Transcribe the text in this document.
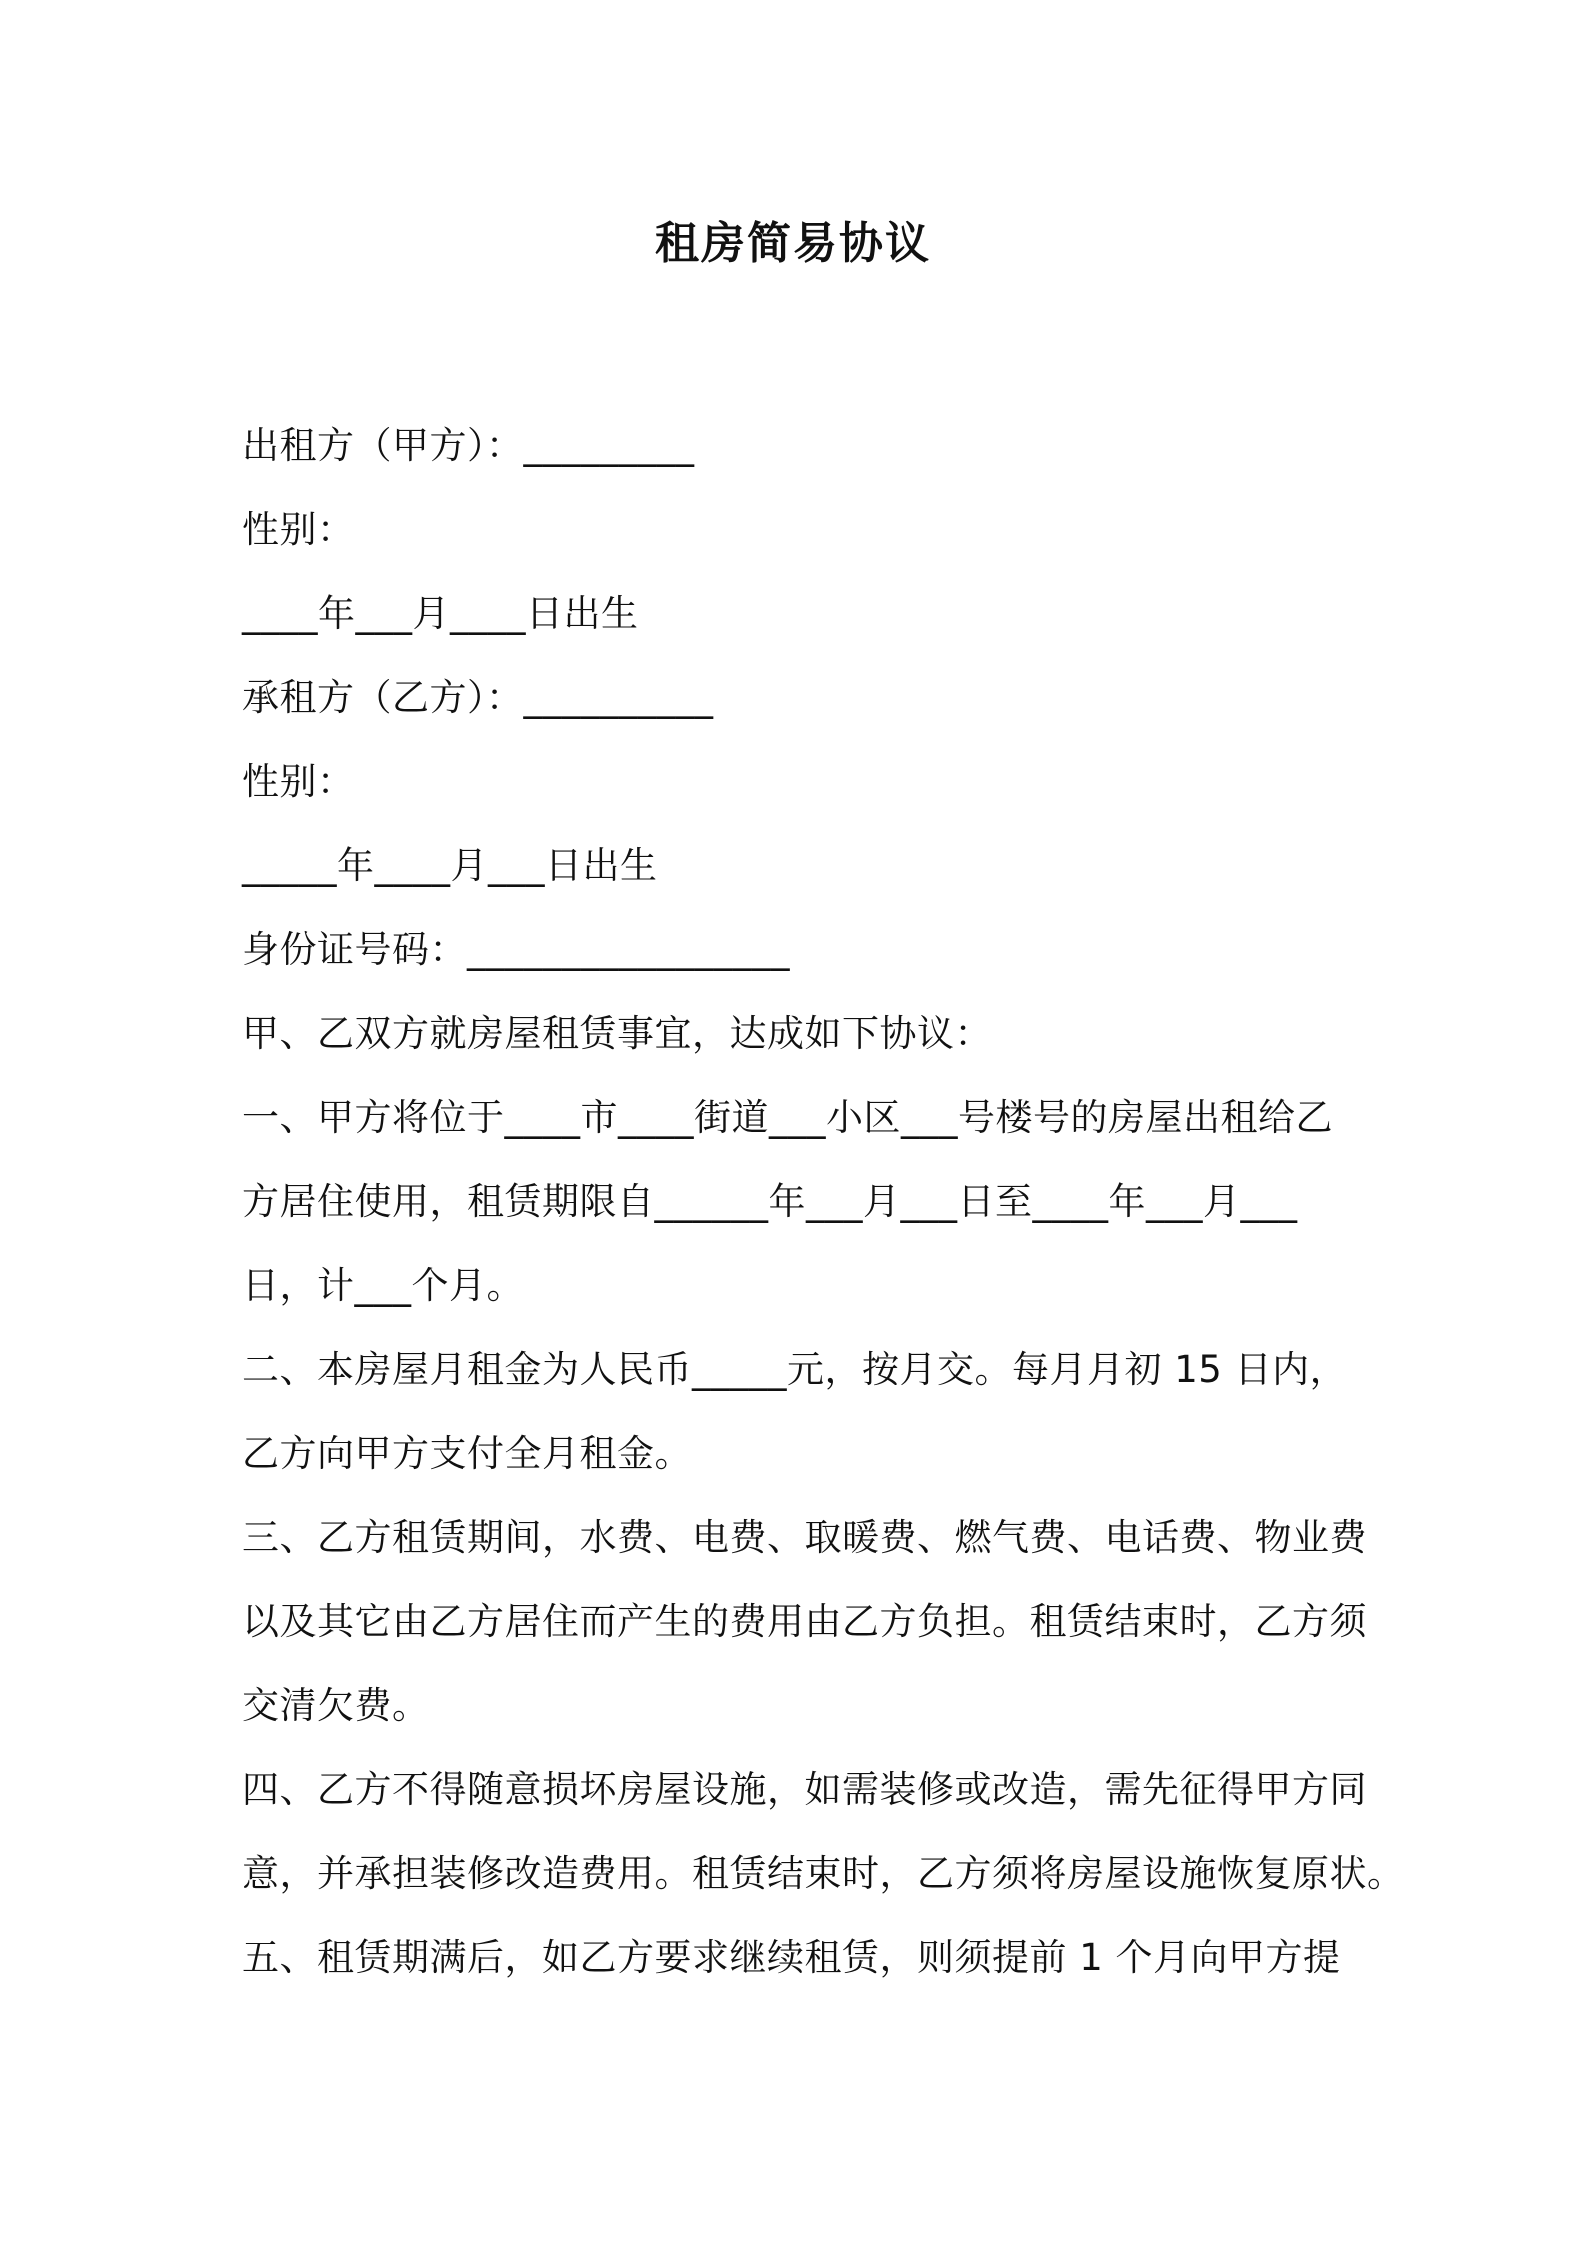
租房简易协议

出租方（甲方）：_________

性别：

____年___月____日出生

承租方（乙方）：__________

性别：

_____年____月___日出生

身份证号码：_________________

甲、乙双方就房屋租赁事宜，达成如下协议：

一、甲方将位于____市____街道___小区___号楼号的房屋出租给乙

方居住使用，租赁期限自______年___月___日至____年___月___

日，计___个月。

二、本房屋月租金为人民币_____元，按月交。每月月初 15 日内，

乙方向甲方支付全月租金。

三、乙方租赁期间，水费、电费、取暖费、燃气费、电话费、物业费

以及其它由乙方居住而产生的费用由乙方负担。租赁结束时，乙方须

交清欠费。

四、乙方不得随意损坏房屋设施，如需装修或改造，需先征得甲方同

意，并承担装修改造费用。租赁结束时，乙方须将房屋设施恢复原状。

五、租赁期满后，如乙方要求继续租赁，则须提前 1 个月向甲方提
